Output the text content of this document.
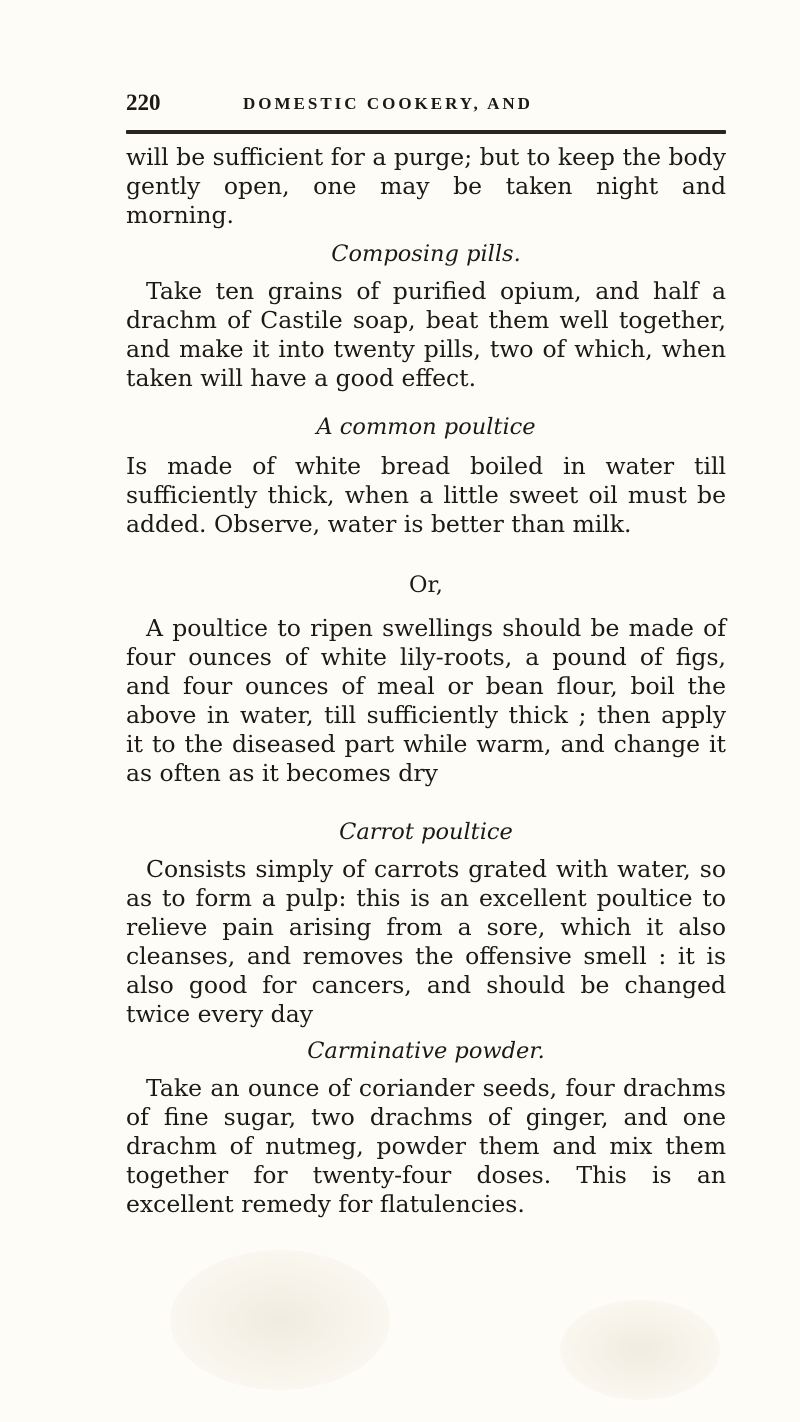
220	DOMESTIC COOKERY, AND

will be sufficient for a purge; but to keep the body gently open, one may be taken night and morning.

Composing pills.

Take ten grains of purified opium, and half a drachm of Castile soap, beat them well together, and make it into twenty pills, two of which, when taken will have a good effect.

A common poultice

Is made of white bread boiled in water till sufficiently thick, when a little sweet oil must be added. Observe, water is better than milk.

Or,

A poultice to ripen swellings should be made of four ounces of white lily-roots, a pound of figs, and four ounces of meal or bean flour, boil the above in water, till sufficiently thick ; then apply it to the diseased part while warm, and change it as often as it becomes dry

Carrot poultice

Consists simply of carrots grated with water, so as to form a pulp: this is an excellent poultice to relieve pain arising from a sore, which it also cleanses, and removes the offensive smell : it is also good for cancers, and should be changed twice every day

Carminative powder.

Take an ounce of coriander seeds, four drachms of fine sugar, two drachms of ginger, and one drachm of nutmeg, powder them and mix them together for twenty-four doses. This is an excellent remedy for flatulencies.
